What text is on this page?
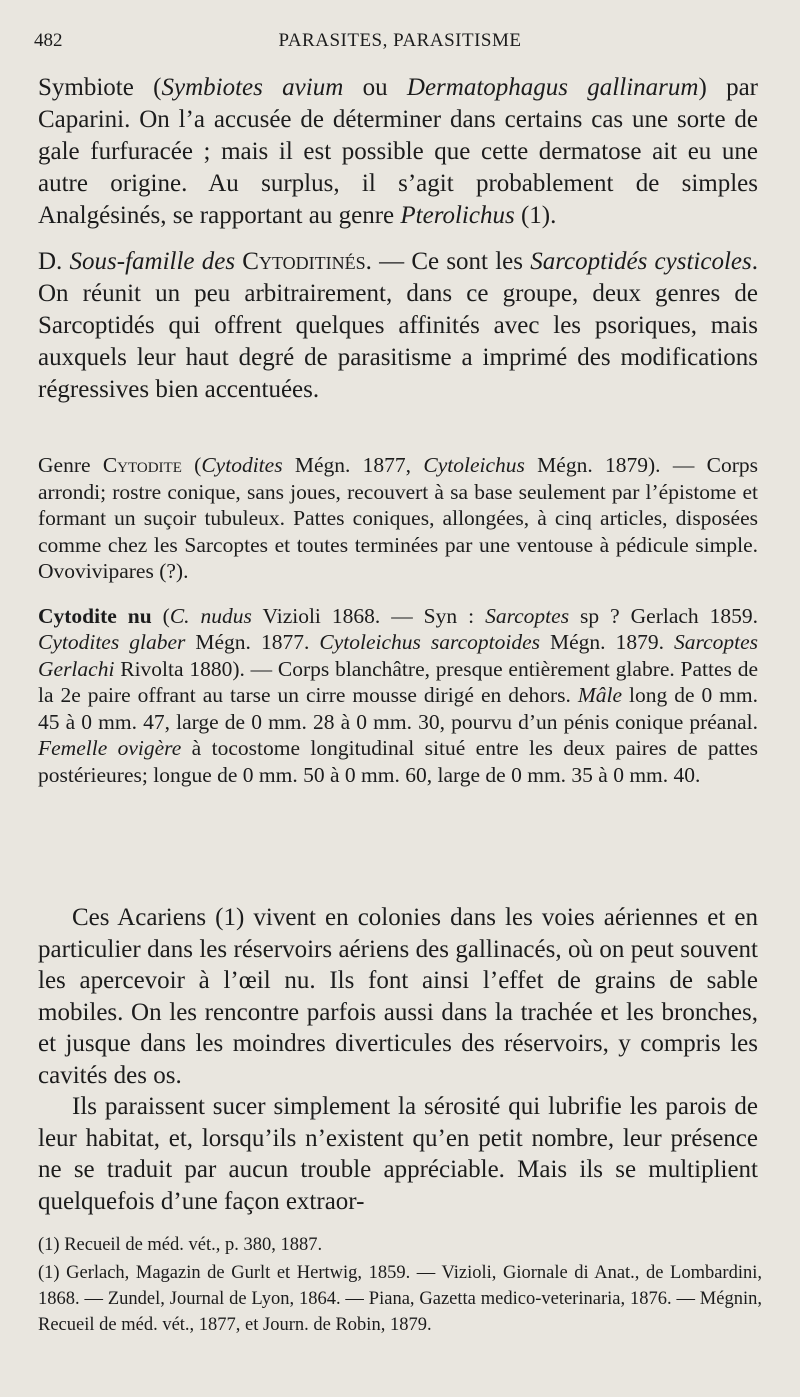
482	PARASITES, PARASITISME

Symbiote (Symbiotes avium ou Dermatophagus gallinarum) par Caparini. On l’a accusée de déterminer dans certains cas une sorte de gale furfuracée ; mais il est possible que cette dermatose ait eu une autre origine. Au surplus, il s’agit probablement de simples Analgésinés, se rapportant au genre Pterolichus (1).

D. Sous-famille des Cytoditinés. — Ce sont les Sarcoptidés cysticoles. On réunit un peu arbitrairement, dans ce groupe, deux genres de Sarcoptidés qui offrent quelques affinités avec les psoriques, mais auxquels leur haut degré de parasitisme a imprimé des modifications régressives bien accentuées.

Genre Cytodite (Cytodites Mégn. 1877, Cytoleichus Mégn. 1879). — Corps arrondi; rostre conique, sans joues, recouvert à sa base seulement par l’épistome et formant un suçoir tubuleux. Pattes coniques, allongées, à cinq articles, disposées comme chez les Sarcoptes et toutes terminées par une ventouse à pédicule simple. Ovovivipares (?).

Cytodite nu (C. nudus Vizioli 1868. — Syn : Sarcoptes sp ? Gerlach 1859. Cytodites glaber Mégn. 1877. Cytoleichus sarcoptoides Mégn. 1879. Sarcoptes Gerlachi Rivolta 1880). — Corps blanchâtre, presque entièrement glabre. Pattes de la 2e paire offrant au tarse un cirre mousse dirigé en dehors. Mâle long de 0 mm. 45 à 0 mm. 47, large de 0 mm. 28 à 0 mm. 30, pourvu d’un pénis conique préanal. Femelle ovigère à tocostome longitudinal situé entre les deux paires de pattes postérieures; longue de 0 mm. 50 à 0 mm. 60, large de 0 mm. 35 à 0 mm. 40.

Ces Acariens (1) vivent en colonies dans les voies aériennes et en particulier dans les réservoirs aériens des gallinacés, où on peut souvent les apercevoir à l’œil nu. Ils font ainsi l’effet de grains de sable mobiles. On les rencontre parfois aussi dans la trachée et les bronches, et jusque dans les moindres diverticules des réservoirs, y compris les cavités des os.

Ils paraissent sucer simplement la sérosité qui lubrifie les parois de leur habitat, et, lorsqu’ils n’existent qu’en petit nombre, leur présence ne se traduit par aucun trouble appréciable. Mais ils se multiplient quelquefois d’une façon extraor-

(1) Recueil de méd. vét., p. 380, 1887.

(1) Gerlach, Magazin de Gurlt et Hertwig, 1859. — Vizioli, Giornale di Anat., de Lombardini, 1868. — Zundel, Journal de Lyon, 1864. — Piana, Gazetta medico-veterinaria, 1876. — Mégnin, Recueil de méd. vét., 1877, et Journ. de Robin, 1879.
